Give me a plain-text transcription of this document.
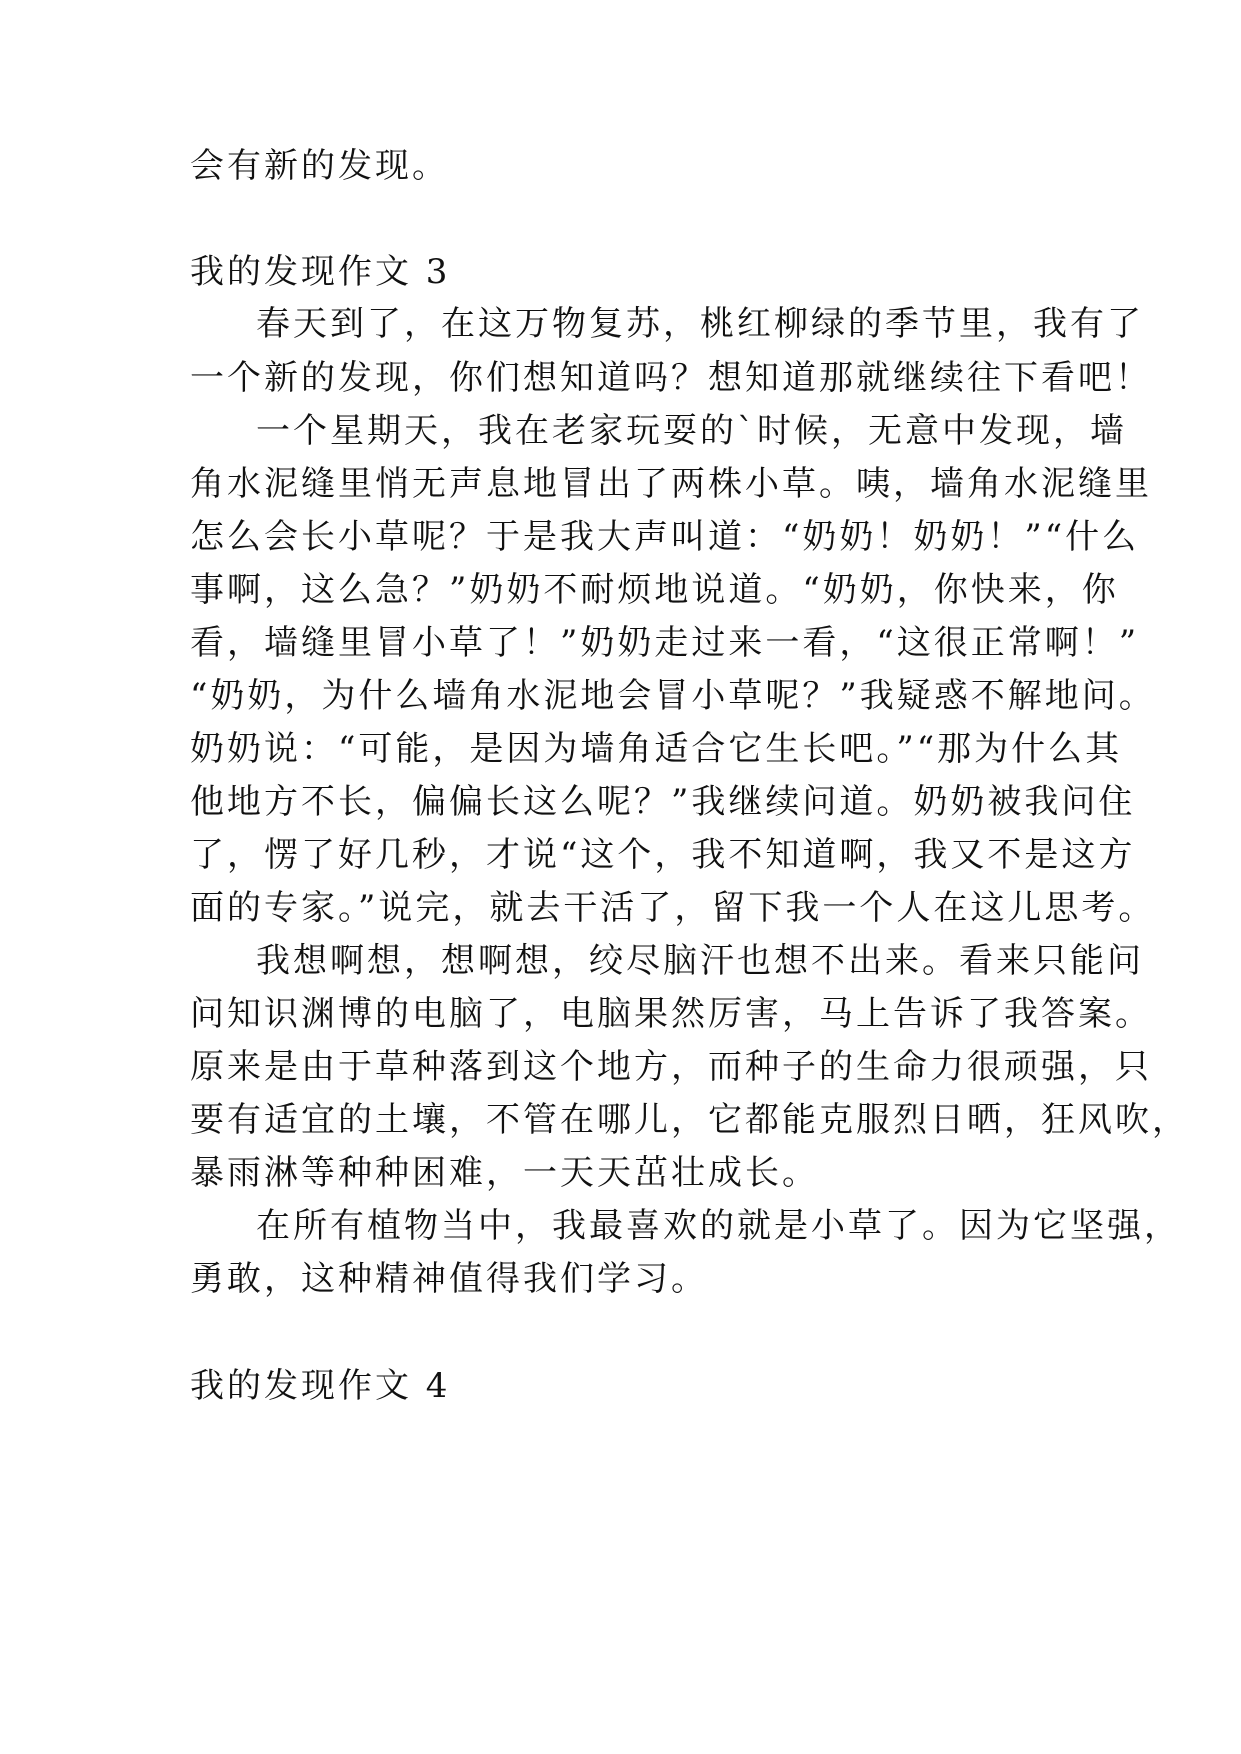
会有新的发现。
我的发现作文 3
春天到了，在这万物复苏，桃红柳绿的季节里，我有了
一个新的发现，你们想知道吗？想知道那就继续往下看吧！
一个星期天，我在老家玩耍的`时候，无意中发现，墙
角水泥缝里悄无声息地冒出了两株小草。咦，墙角水泥缝里
怎么会长小草呢？于是我大声叫道：“奶奶！奶奶！”“什么
事啊，这么急？”奶奶不耐烦地说道。“奶奶，你快来，你
看，墙缝里冒小草了！”奶奶走过来一看，“这很正常啊！”
“奶奶，为什么墙角水泥地会冒小草呢？”我疑惑不解地问。
奶奶说：“可能，是因为墙角适合它生长吧。”“那为什么其
他地方不长，偏偏长这么呢？”我继续问道。奶奶被我问住
了，愣了好几秒，才说“这个，我不知道啊，我又不是这方
面的专家。”说完，就去干活了，留下我一个人在这儿思考。
我想啊想，想啊想，绞尽脑汗也想不出来。看来只能问
问知识渊博的电脑了，电脑果然厉害，马上告诉了我答案。
原来是由于草种落到这个地方，而种子的生命力很顽强，只
要有适宜的土壤，不管在哪儿，它都能克服烈日晒，狂风吹，
暴雨淋等种种困难，一天天茁壮成长。
在所有植物当中，我最喜欢的就是小草了。因为它坚强，
勇敢，这种精神值得我们学习。
我的发现作文 4
